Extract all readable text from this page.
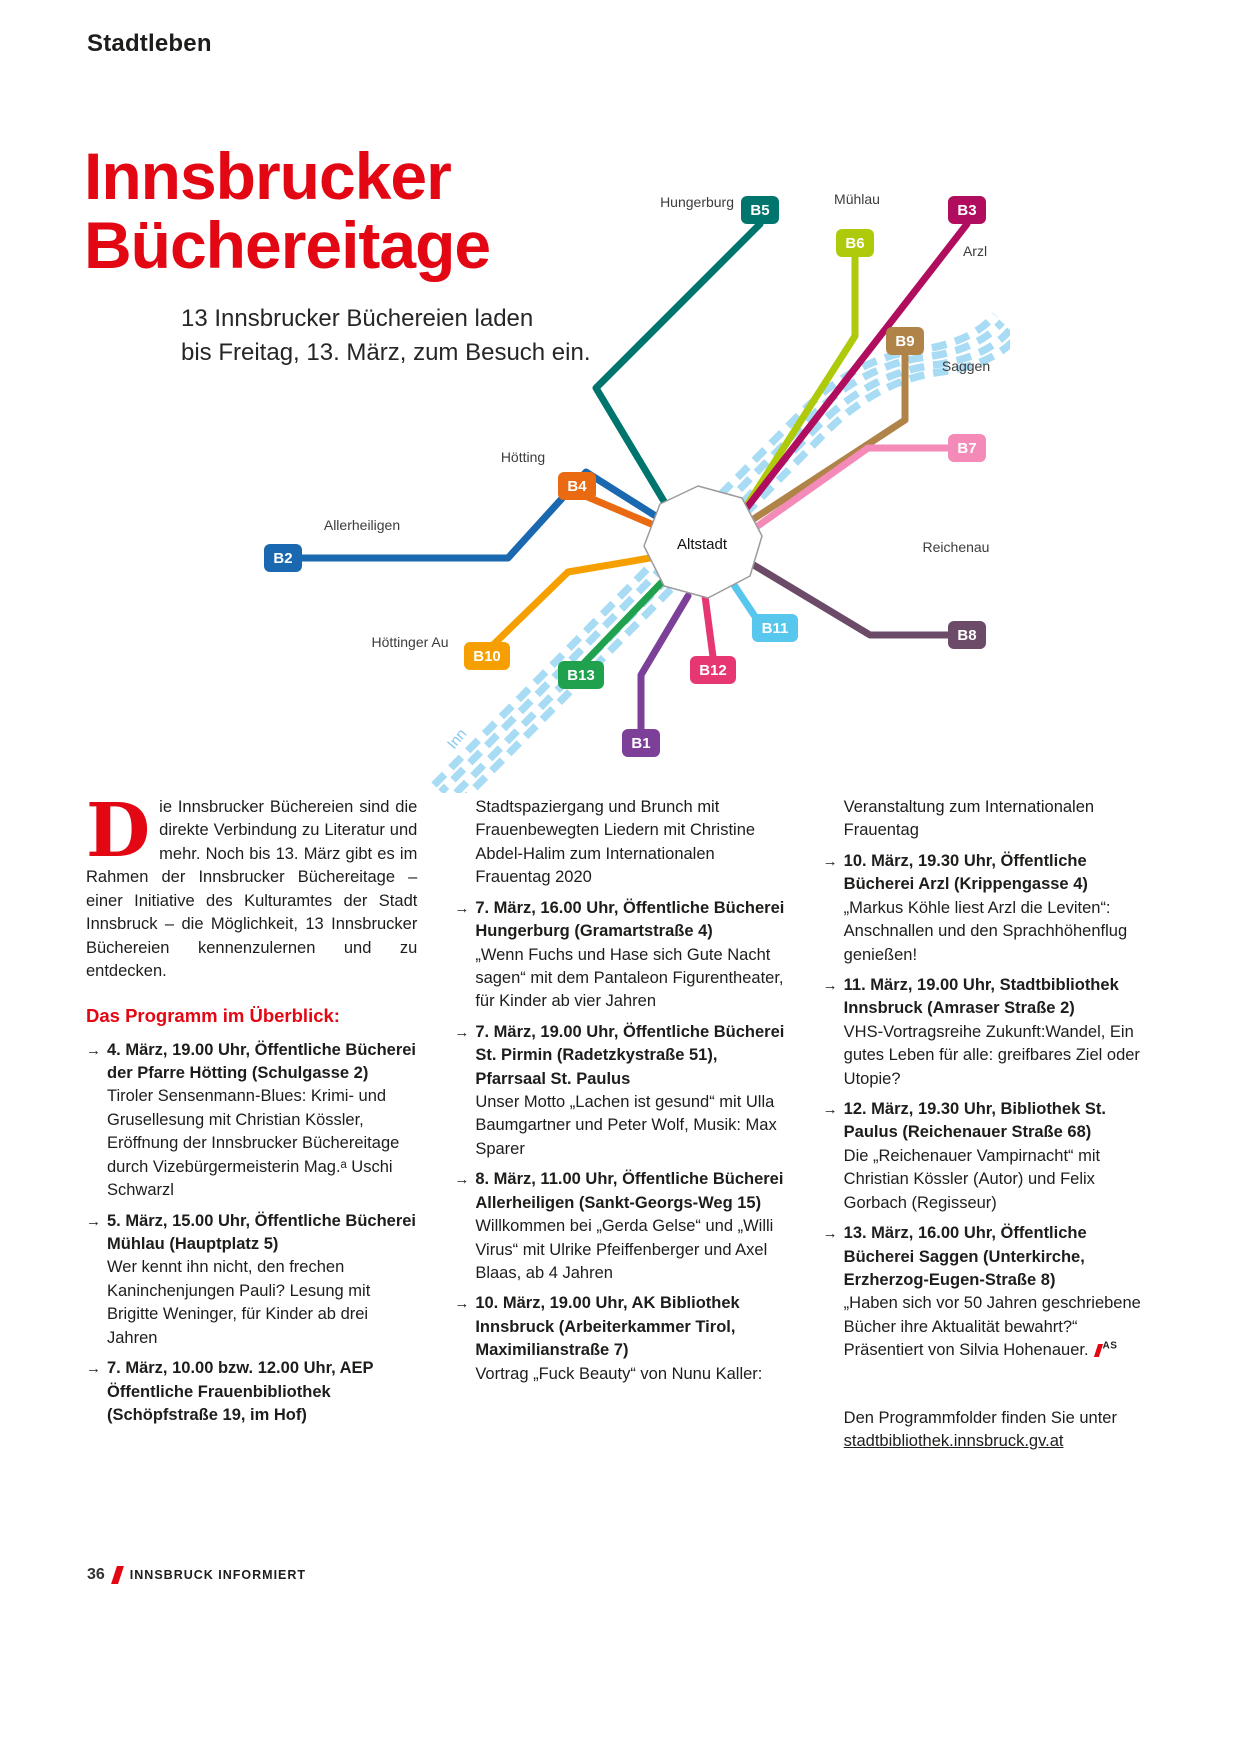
Stadtleben
Innsbrucker
Büchereitage
13 Innsbrucker Büchereien laden
bis Freitag, 13. März, zum Besuch ein.
Altstadt
B5
B6
B3
B9
B7
B4
B2
B8
B10
B11
B12
B13
B1
Hungerburg	Mühlau
Arzl
Saggen
Hötting
Allerheiligen
Höttinger Au
Reichenau
Inn

D ie Innsbrucker Büchereien sind die direkte Verbindung zu Literatur und mehr. Noch bis 13. März gibt es im Rahmen der Innsbrucker Büchereitage – einer Initiative des Kulturamtes der Stadt Innsbruck – die Möglichkeit, 13 Innsbrucker Büchereien kennenzulernen und zu entdecken.

Das Programm im Überblick:

→ 4. März, 19.00 Uhr, Öffentliche Bücherei der Pfarre Hötting (Schulgasse 2)

Tiroler Sensenmann-Blues: Krimi- und Grusellesung mit Christian Kössler, Eröffnung der Innsbrucker Büchereitage durch Vizebürgermeisterin Mag.ᵃ Uschi Schwarzl

→ 5. März, 15.00 Uhr, Öffentliche Bücherei Mühlau (Hauptplatz 5)

Wer kennt ihn nicht, den frechen Kaninchenjungen Pauli? Lesung mit Brigitte Weninger, für Kinder ab drei Jahren

→ 7. März, 10.00 bzw. 12.00 Uhr, AEP Öffentliche Frauenbibliothek (Schöpfstraße 19, im Hof)

Stadtspaziergang und Brunch mit Frauenbewegten Liedern mit Christine Abdel-Halim zum Internationalen Frauentag 2020

→ 7. März, 16.00 Uhr, Öffentliche Bücherei Hungerburg (Gramartstraße 4)

„Wenn Fuchs und Hase sich Gute Nacht sagen“ mit dem Pantaleon Figurentheater, für Kinder ab vier Jahren

→ 7. März, 19.00 Uhr, Öffentliche Bücherei St. Pirmin (Radetzkystraße 51), Pfarrsaal St. Paulus

Unser Motto „Lachen ist gesund“ mit Ulla Baumgartner und Peter Wolf, Musik: Max Sparer

→ 8. März, 11.00 Uhr, Öffentliche Bücherei Allerheiligen (Sankt-Georgs-Weg 15)

Willkommen bei „Gerda Gelse“ und „Willi Virus“ mit Ulrike Pfeiffenberger und Axel Blaas, ab 4 Jahren

→ 10. März, 19.00 Uhr, AK Bibliothek Innsbruck (Arbeiterkammer Tirol, Maximilianstraße 7)

Vortrag „Fuck Beauty“ von Nunu Kaller:

Veranstaltung zum Internationalen Frauentag

→ 10. März, 19.30 Uhr, Öffentliche Bücherei Arzl (Krippengasse 4)

„Markus Köhle liest Arzl die Leviten“: Anschnallen und den Sprachhöhenflug genießen!

→ 11. März, 19.00 Uhr, Stadtbibliothek Innsbruck (Amraser Straße 2)

VHS-Vortragsreihe Zukunft:Wandel, Ein gutes Leben für alle: greifbares Ziel oder Utopie?

→ 12. März, 19.30 Uhr, Bibliothek St. Paulus (Reichenauer Straße 68)

Die „Reichenauer Vampirnacht“ mit Christian Kössler (Autor) und Felix Gorbach (Regisseur)

→ 13. März, 16.00 Uhr, Öffentliche Bücherei Saggen (Unterkirche, Erzherzog-Eugen-Straße 8)

„Haben sich vor 50 Jahren geschriebene Bücher ihre Aktualität bewahrt?“ Präsentiert von Silvia Hohenauer. $^{AS}$

Den Programmfolder finden Sie unter
stadtbibliothek.innsbruck.gv.at

36 INNSBRUCK INFORMIERT
